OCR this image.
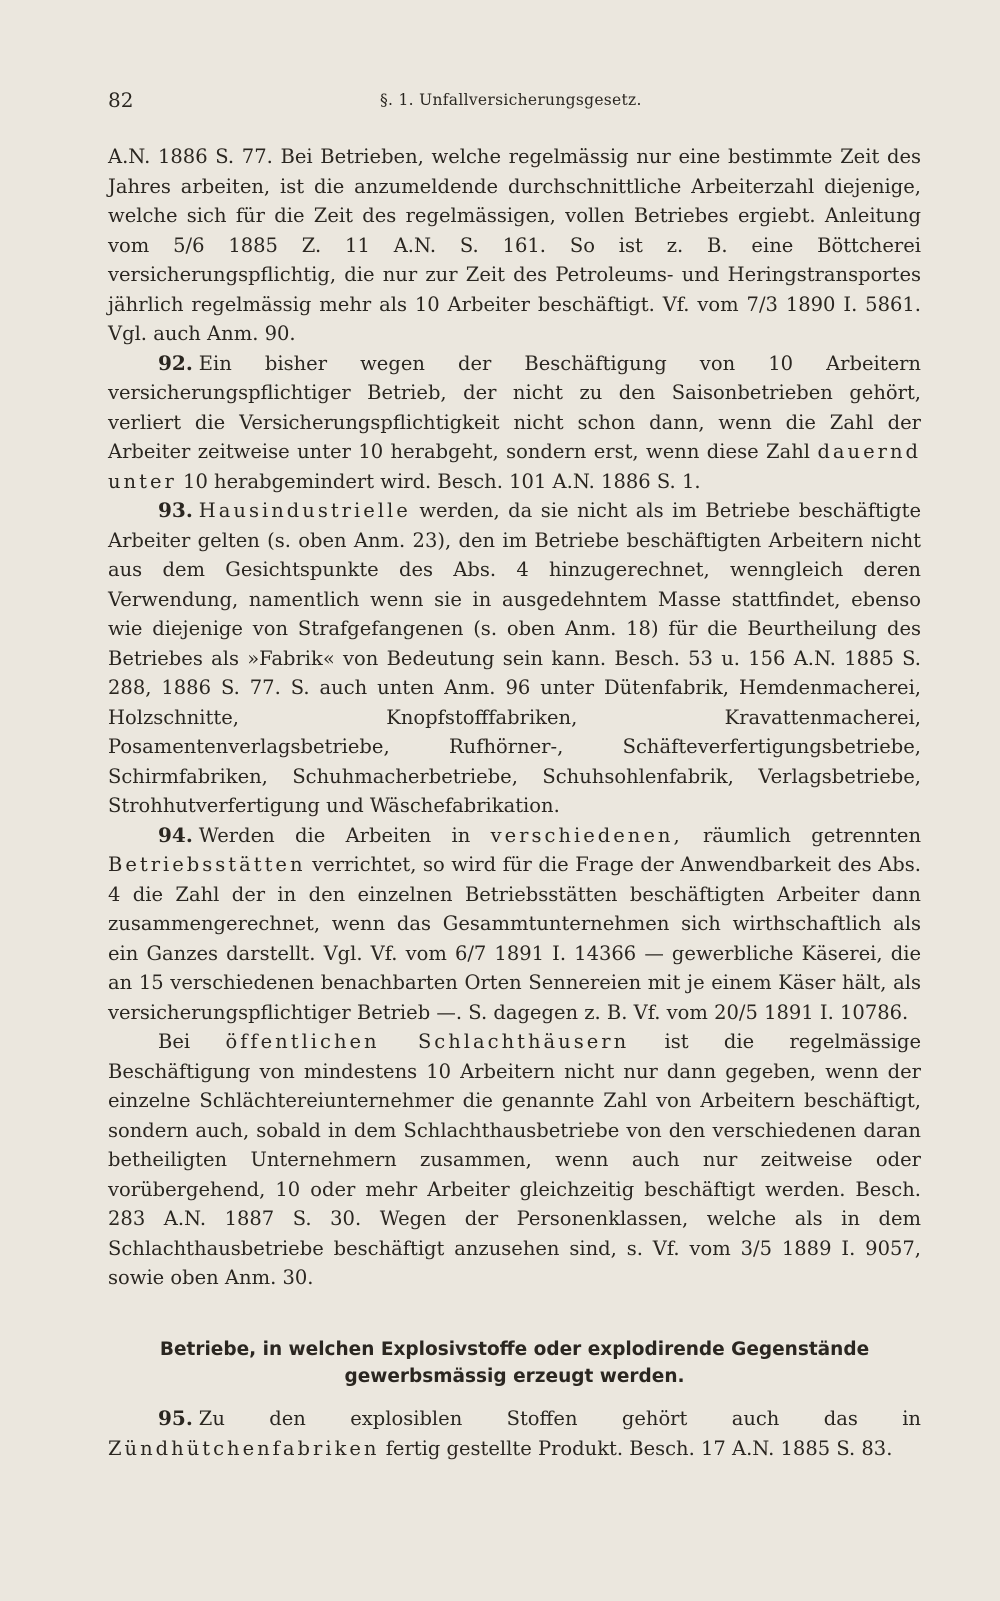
82	§. 1. Unfallversicherungsgesetz.

A.N. 1886 S. 77. Bei Betrieben, welche regelmässig nur eine bestimmte Zeit des Jahres arbeiten, ist die anzumeldende durchschnittliche Arbeiterzahl diejenige, welche sich für die Zeit des regelmässigen, vollen Betriebes ergiebt. Anleitung vom 5/6 1885 Z. 11 A.N. S. 161. So ist z. B. eine Böttcherei versicherungspflichtig, die nur zur Zeit des Petroleums- und Heringstransportes jährlich regelmässig mehr als 10 Arbeiter beschäftigt. Vf. vom 7/3 1890 I. 5861. Vgl. auch Anm. 90.

92. Ein bisher wegen der Beschäftigung von 10 Arbeitern versicherungspflichtiger Betrieb, der nicht zu den Saisonbetrieben gehört, verliert die Versicherungspflichtigkeit nicht schon dann, wenn die Zahl der Arbeiter zeitweise unter 10 herabgeht, sondern erst, wenn diese Zahl dauernd unter 10 herabgemindert wird. Besch. 101 A.N. 1886 S. 1.

93. Hausindustrielle werden, da sie nicht als im Betriebe beschäftigte Arbeiter gelten (s. oben Anm. 23), den im Betriebe beschäftigten Arbeitern nicht aus dem Gesichtspunkte des Abs. 4 hinzugerechnet, wenngleich deren Verwendung, namentlich wenn sie in ausgedehntem Masse stattfindet, ebenso wie diejenige von Strafgefangenen (s. oben Anm. 18) für die Beurtheilung des Betriebes als »Fabrik« von Bedeutung sein kann. Besch. 53 u. 156 A.N. 1885 S. 288, 1886 S. 77. S. auch unten Anm. 96 unter Dütenfabrik, Hemdenmacherei, Holzschnitte, Knopfstofffabriken, Kravattenmacherei, Posamentenverlagsbetriebe, Rufhörner-, Schäfteverfertigungsbetriebe, Schirmfabriken, Schuhmacherbetriebe, Schuhsohlenfabrik, Verlagsbetriebe, Strohhutverfertigung und Wäschefabrikation.

94. Werden die Arbeiten in verschiedenen, räumlich getrennten Betriebsstätten verrichtet, so wird für die Frage der Anwendbarkeit des Abs. 4 die Zahl der in den einzelnen Betriebsstätten beschäftigten Arbeiter dann zusammengerechnet, wenn das Gesammtunternehmen sich wirthschaftlich als ein Ganzes darstellt. Vgl. Vf. vom 6/7 1891 I. 14366 — gewerbliche Käserei, die an 15 verschiedenen benachbarten Orten Sennereien mit je einem Käser hält, als versicherungspflichtiger Betrieb —. S. dagegen z. B. Vf. vom 20/5 1891 I. 10786.

Bei öffentlichen Schlachthäusern ist die regelmässige Beschäftigung von mindestens 10 Arbeitern nicht nur dann gegeben, wenn der einzelne Schlächtereiunternehmer die genannte Zahl von Arbeitern beschäftigt, sondern auch, sobald in dem Schlachthausbetriebe von den verschiedenen daran betheiligten Unternehmern zusammen, wenn auch nur zeitweise oder vorübergehend, 10 oder mehr Arbeiter gleichzeitig beschäftigt werden. Besch. 283 A.N. 1887 S. 30. Wegen der Personenklassen, welche als in dem Schlachthausbetriebe beschäftigt anzusehen sind, s. Vf. vom 3/5 1889 I. 9057, sowie oben Anm. 30.

Betriebe, in welchen Explosivstoffe oder explodirende Gegenstände
gewerbsmässig erzeugt werden.

95. Zu den explosiblen Stoffen gehört auch das in Zündhütchenfabriken fertig gestellte Produkt. Besch. 17 A.N. 1885 S. 83.
